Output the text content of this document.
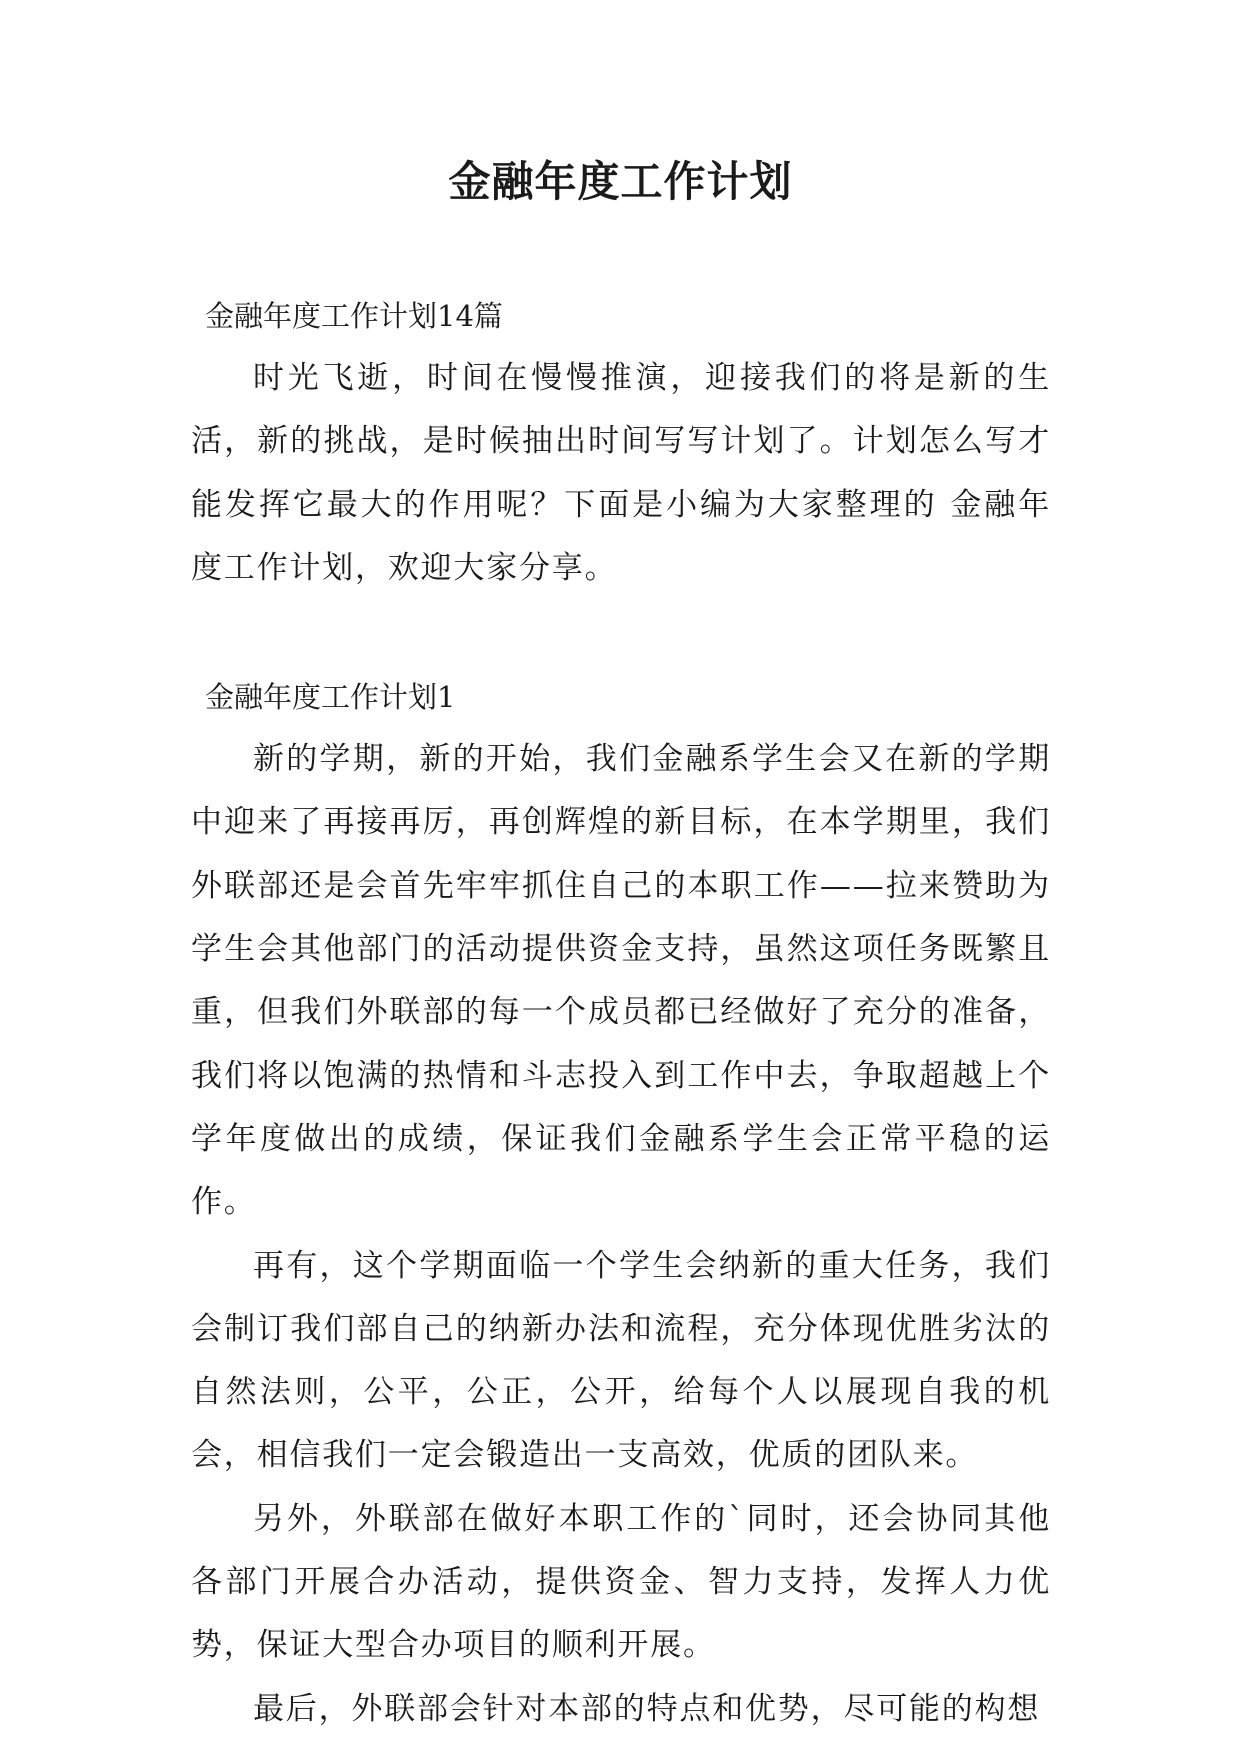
金融年度工作计划

金融年度工作计划14篇

时光飞逝，时间在慢慢推演，迎接我们的将是新的生活，新的挑战，是时候抽出时间写写计划了。计划怎么写才能发挥它最大的作用呢？下面是小编为大家整理的 金融年度工作计划，欢迎大家分享。

金融年度工作计划1

新的学期，新的开始，我们金融系学生会又在新的学期中迎来了再接再厉，再创辉煌的新目标，在本学期里，我们外联部还是会首先牢牢抓住自己的本职工作——拉来赞助为学生会其他部门的活动提供资金支持，虽然这项任务既繁且重，但我们外联部的每一个成员都已经做好了充分的准备，我们将以饱满的热情和斗志投入到工作中去，争取超越上个学年度做出的成绩，保证我们金融系学生会正常平稳的运作。

再有，这个学期面临一个学生会纳新的重大任务，我们会制订我们部自己的纳新办法和流程，充分体现优胜劣汰的自然法则，公平，公正，公开，给每个人以展现自我的机会，相信我们一定会锻造出一支高效，优质的团队来。

另外，外联部在做好本职工作的`同时，还会协同其他各部门开展合办活动，提供资金、智力支持，发挥人力优势，保证大型合办项目的顺利开展。

最后，外联部会针对本部的特点和优势，尽可能的构想
